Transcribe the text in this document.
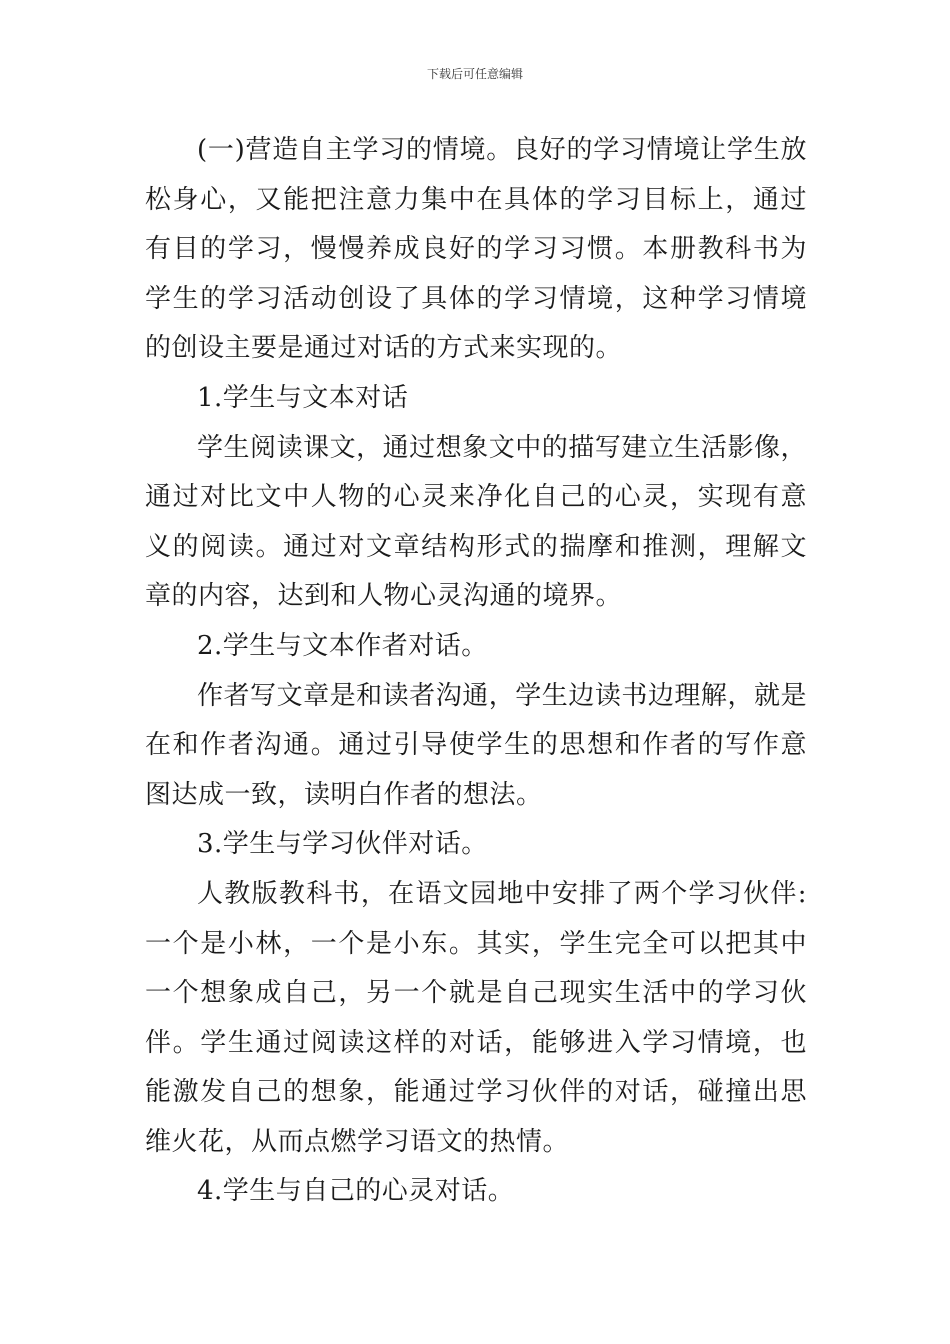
下载后可任意编辑

(一)营造自主学习的情境。良好的学习情境让学生放松身心，又能把注意力集中在具体的学习目标上，通过有目的学习，慢慢养成良好的学习习惯。本册教科书为学生的学习活动创设了具体的学习情境，这种学习情境的创设主要是通过对话的方式来实现的。

1.学生与文本对话

学生阅读课文，通过想象文中的描写建立生活影像，通过对比文中人物的心灵来净化自己的心灵，实现有意义的阅读。通过对文章结构形式的揣摩和推测，理解文章的内容，达到和人物心灵沟通的境界。

2.学生与文本作者对话。

作者写文章是和读者沟通，学生边读书边理解，就是在和作者沟通。通过引导使学生的思想和作者的写作意图达成一致，读明白作者的想法。

3.学生与学习伙伴对话。

人教版教科书，在语文园地中安排了两个学习伙伴:一个是小林，一个是小东。其实，学生完全可以把其中一个想象成自己，另一个就是自己现实生活中的学习伙伴。学生通过阅读这样的对话，能够进入学习情境，也能激发自己的想象，能通过学习伙伴的对话，碰撞出思维火花，从而点燃学习语文的热情。

4.学生与自己的心灵对话。
